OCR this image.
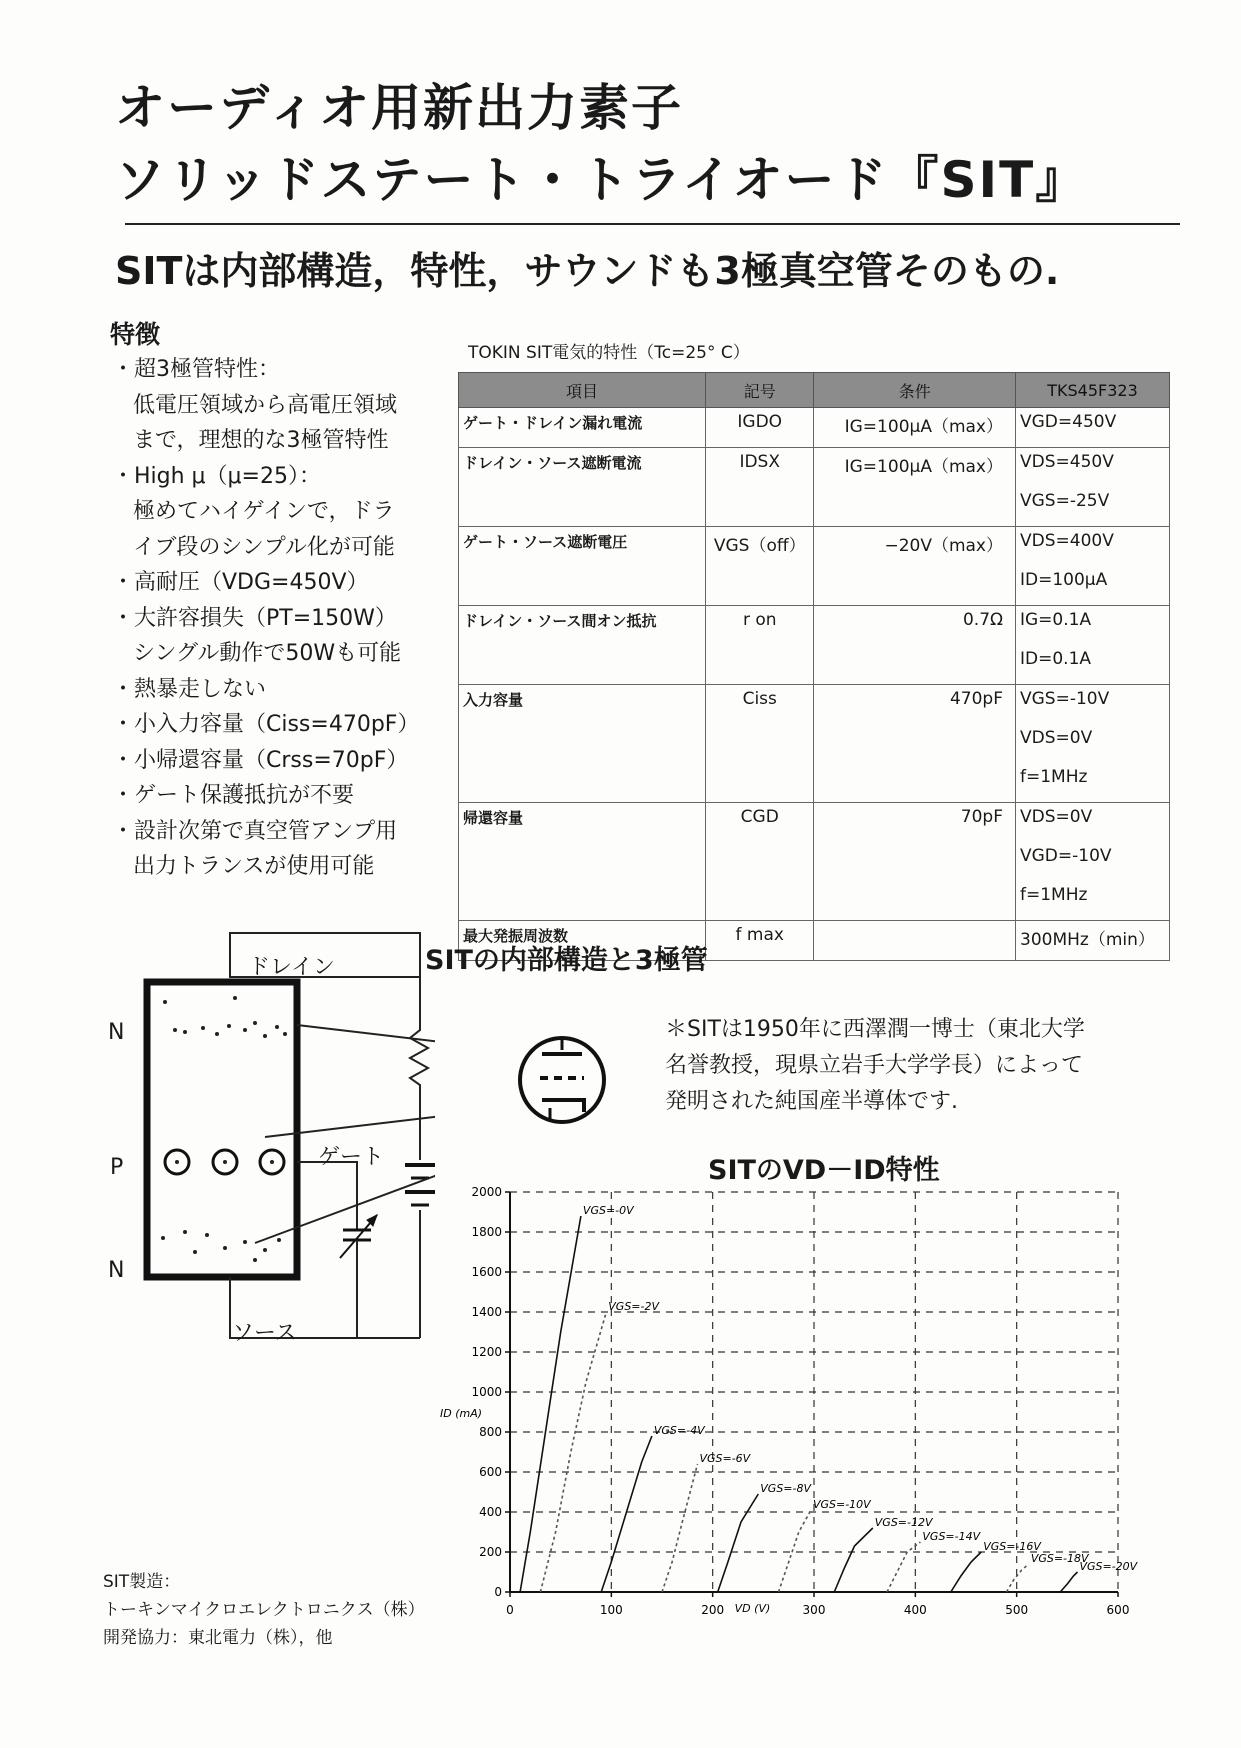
オーディオ用新出力素子
ソリッドステート・トライオード『SIT』
SITは内部構造，特性，サウンドも3極真空管そのもの.
特徴
・超3極管特性：
低電圧領域から高電圧領域
まで，理想的な3極管特性
・High μ（μ=25）：
極めてハイゲインで，ドラ
イブ段のシンプル化が可能
・高耐圧（VDG=450V）
・大許容損失（PT=150W）
シングル動作で50Wも可能
・熱暴走しない
・小入力容量（Ciss=470pF）
・小帰還容量（Crss=70pF）
・ゲート保護抵抗が不要
・設計次第で真空管アンプ用
出力トランスが使用可能
TOKIN SIT電気的特性（Tc=25° C）
項目	記号	条件	TKS45F323
ゲート・ドレイン漏れ電流	IGDO	IG=100μA（max）	VGD=450V
ドレイン・ソース遮断電流	IDSX	IG=100μA（max）	VDS=450V
			VGS=-25V
ゲート・ソース遮断電圧	VGS（off）	−20V（max）	VDS=400V
			ID=100μA
ドレイン・ソース間オン抵抗	r on	0.7Ω	IG=0.1A
			ID=0.1A
入力容量	Ciss	470pF	VGS=-10V
			VDS=0V
			f=1MHz
帰還容量	CGD	70pF	VDS=0V
			VGD=-10V
			f=1MHz
最大発振周波数	f max		300MHz（min）
SITの内部構造と3極管
ドレイン
ゲート
ソース
N
P
N
＊SITは1950年に西澤潤一博士（東北大学
名誉教授，現県立岩手大学学長）によって
発明された純国産半導体です.
SITのVD－ID特性
0
200
400
600
800
1000
1200
1400
1600
1800
2000
0	100	200	300	400	500	600
ID (mA)
VD (V)
VGS=-0V
VGS=-2V
VGS=-4V
VGS=-6V
VGS=-8V
VGS=-10V
VGS=-12V
VGS=-14V
VGS=-16V
VGS=-18V
VGS=-20V
SIT製造：
トーキンマイクロエレクトロニクス（株）
開発協力：東北電力（株），他
